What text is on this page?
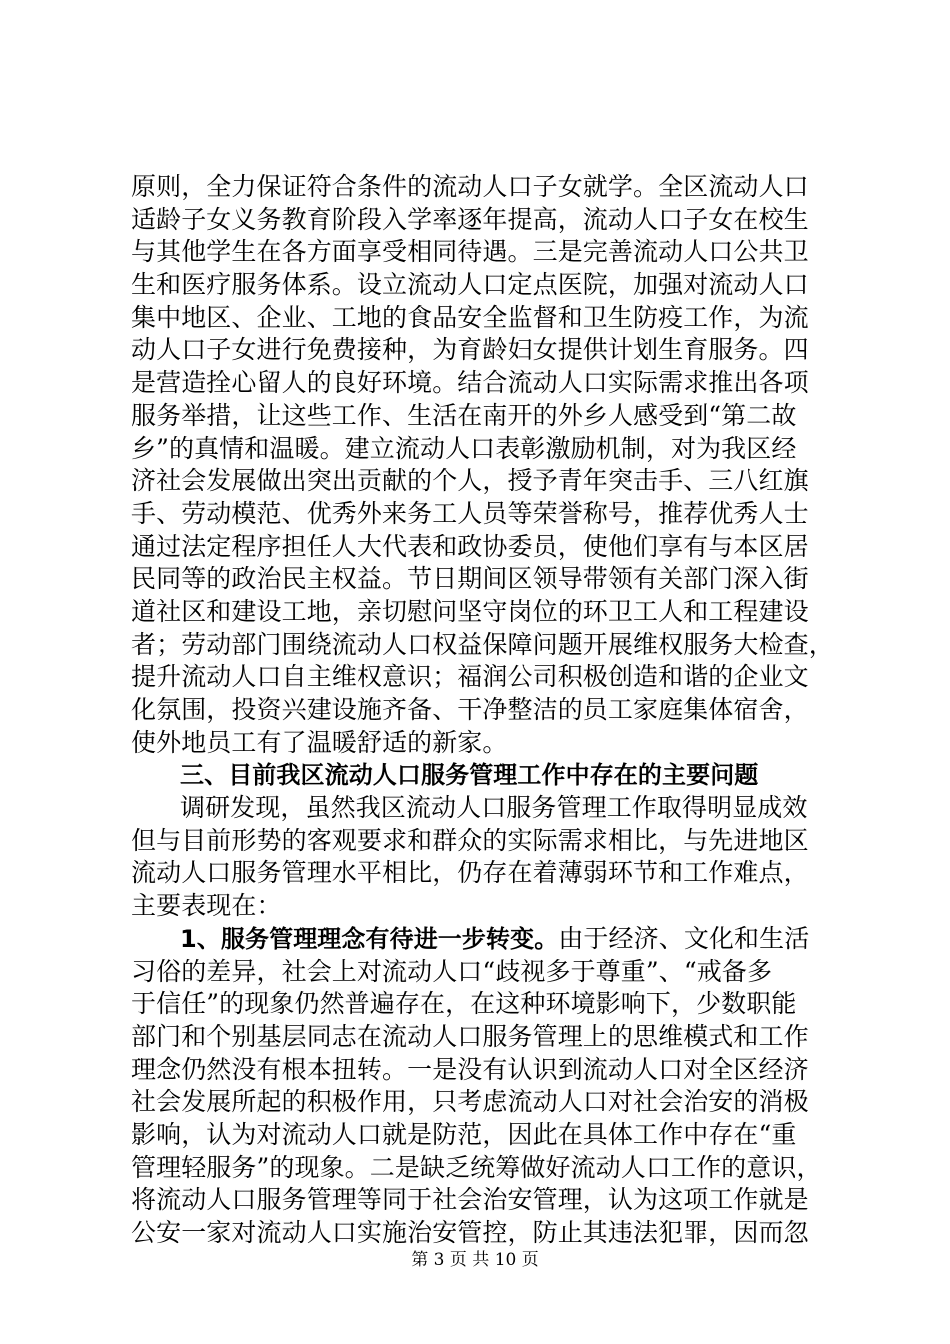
原则，全力保证符合条件的流动人口子女就学。全区流动人口
适龄子女义务教育阶段入学率逐年提高，流动人口子女在校生
与其他学生在各方面享受相同待遇。三是完善流动人口公共卫
生和医疗服务体系。设立流动人口定点医院，加强对流动人口
集中地区、企业、工地的食品安全监督和卫生防疫工作，为流
动人口子女进行免费接种，为育龄妇女提供计划生育服务。四
是营造拴心留人的良好环境。结合流动人口实际需求推出各项
服务举措，让这些工作、生活在南开的外乡人感受到“第二故
乡”的真情和温暖。建立流动人口表彰激励机制，对为我区经
济社会发展做出突出贡献的个人，授予青年突击手、三八红旗
手、劳动模范、优秀外来务工人员等荣誉称号，推荐优秀人士
通过法定程序担任人大代表和政协委员，使他们享有与本区居
民同等的政治民主权益。节日期间区领导带领有关部门深入街
道社区和建设工地，亲切慰问坚守岗位的环卫工人和工程建设
者；劳动部门围绕流动人口权益保障问题开展维权服务大检查，
提升流动人口自主维权意识；福润公司积极创造和谐的企业文
化氛围，投资兴建设施齐备、干净整洁的员工家庭集体宿舍，
使外地员工有了温暖舒适的新家。
三、目前我区流动人口服务管理工作中存在的主要问题
调研发现，虽然我区流动人口服务管理工作取得明显成效
但与目前形势的客观要求和群众的实际需求相比，与先进地区
流动人口服务管理水平相比，仍存在着薄弱环节和工作难点，
主要表现在：
1、服务管理理念有待进一步转变。由于经济、文化和生活
习俗的差异，社会上对流动人口“歧视多于尊重”、“戒备多
于信任”的现象仍然普遍存在，在这种环境影响下，少数职能
部门和个别基层同志在流动人口服务管理上的思维模式和工作
理念仍然没有根本扭转。一是没有认识到流动人口对全区经济
社会发展所起的积极作用，只考虑流动人口对社会治安的消极
影响，认为对流动人口就是防范，因此在具体工作中存在“重
管理轻服务”的现象。二是缺乏统筹做好流动人口工作的意识，
将流动人口服务管理等同于社会治安管理，认为这项工作就是
公安一家对流动人口实施治安管控，防止其违法犯罪，因而忽
第 3 页 共 10 页
